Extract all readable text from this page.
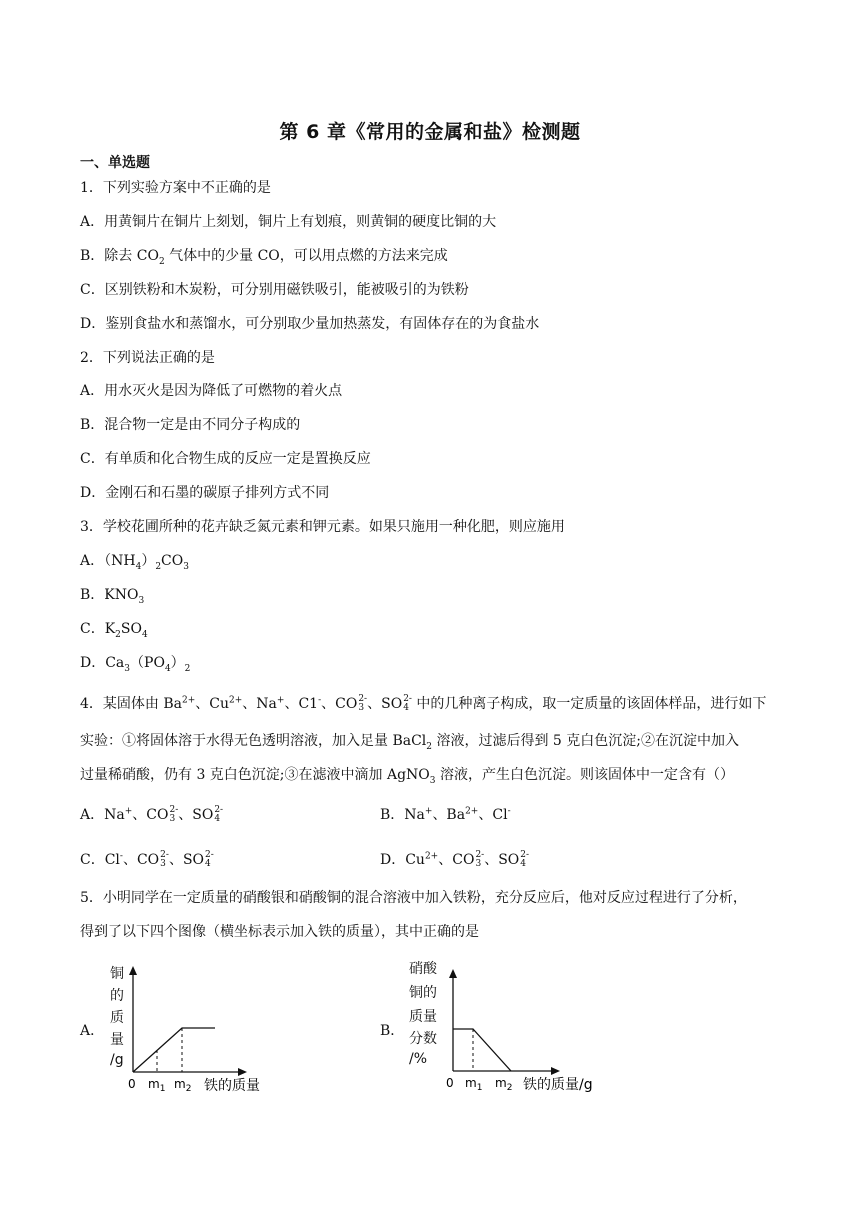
第 6 章《常用的金属和盐》检测题
一、单选题
1．下列实验方案中不正确的是
A．用黄铜片在铜片上刻划，铜片上有划痕，则黄铜的硬度比铜的大
B．除去 $CO_2$ 气体中的少量 CO，可以用点燃的方法来完成
C．区别铁粉和木炭粉，可分别用磁铁吸引，能被吸引的为铁粉
D．鉴别食盐水和蒸馏水，可分别取少量加热蒸发，有固体存在的为食盐水
2．下列说法正确的是
A．用水灭火是因为降低了可燃物的着火点
B．混合物一定是由不同分子构成的
C．有单质和化合物生成的反应一定是置换反应
D．金刚石和石墨的碳原子排列方式不同
3．学校花圃所种的花卉缺乏氮元素和钾元素。如果只施用一种化肥，则应施用
A．$(NH_4)_2CO_3$
B．$KNO_3$
C．$K_2SO_4$
D．$Ca_3(PO_4)_2$
4．某固体由 $Ba^{2+}$、$Cu^{2+}$、Na+、C1-、CO 2-
3 、SO 2-
4 中的几种离子构成，取一定质量的该固体样品，进行如下
实验：①将固体溶于水得无色透明溶液，加入足量 BaCl$_2$ 溶液，过滤后得到 5 克白色沉淀;②在沉淀中加入
过量稀硝酸，仍有 3 克白色沉淀;③在滤液中滴加 AgNO$_3$ 溶液，产生白色沉淀。则该固体中一定含有（）
A．Na+、CO 2-
3 、SO 2-
4	B．Na+、$Ba^{2+}$、Cl-
C．Cl-、CO 2-
3 、SO 2-
4	D．$Cu^{2+}$、CO 2-
3 、SO 2-
4
5．小明同学在一定质量的硝酸银和硝酸铜的混合溶液中加入铁粉，充分反应后，他对反应过程进行了分析，
得到了以下四个图像（横坐标表示加入铁的质量），其中正确的是
A．
铜
的
质
量
/g
0 $m_1$ $m_2$ 铁的质量
B．
硝酸
铜的
质量
分数
/%
0 $m_1$ $m_2$ 铁的质量/g
